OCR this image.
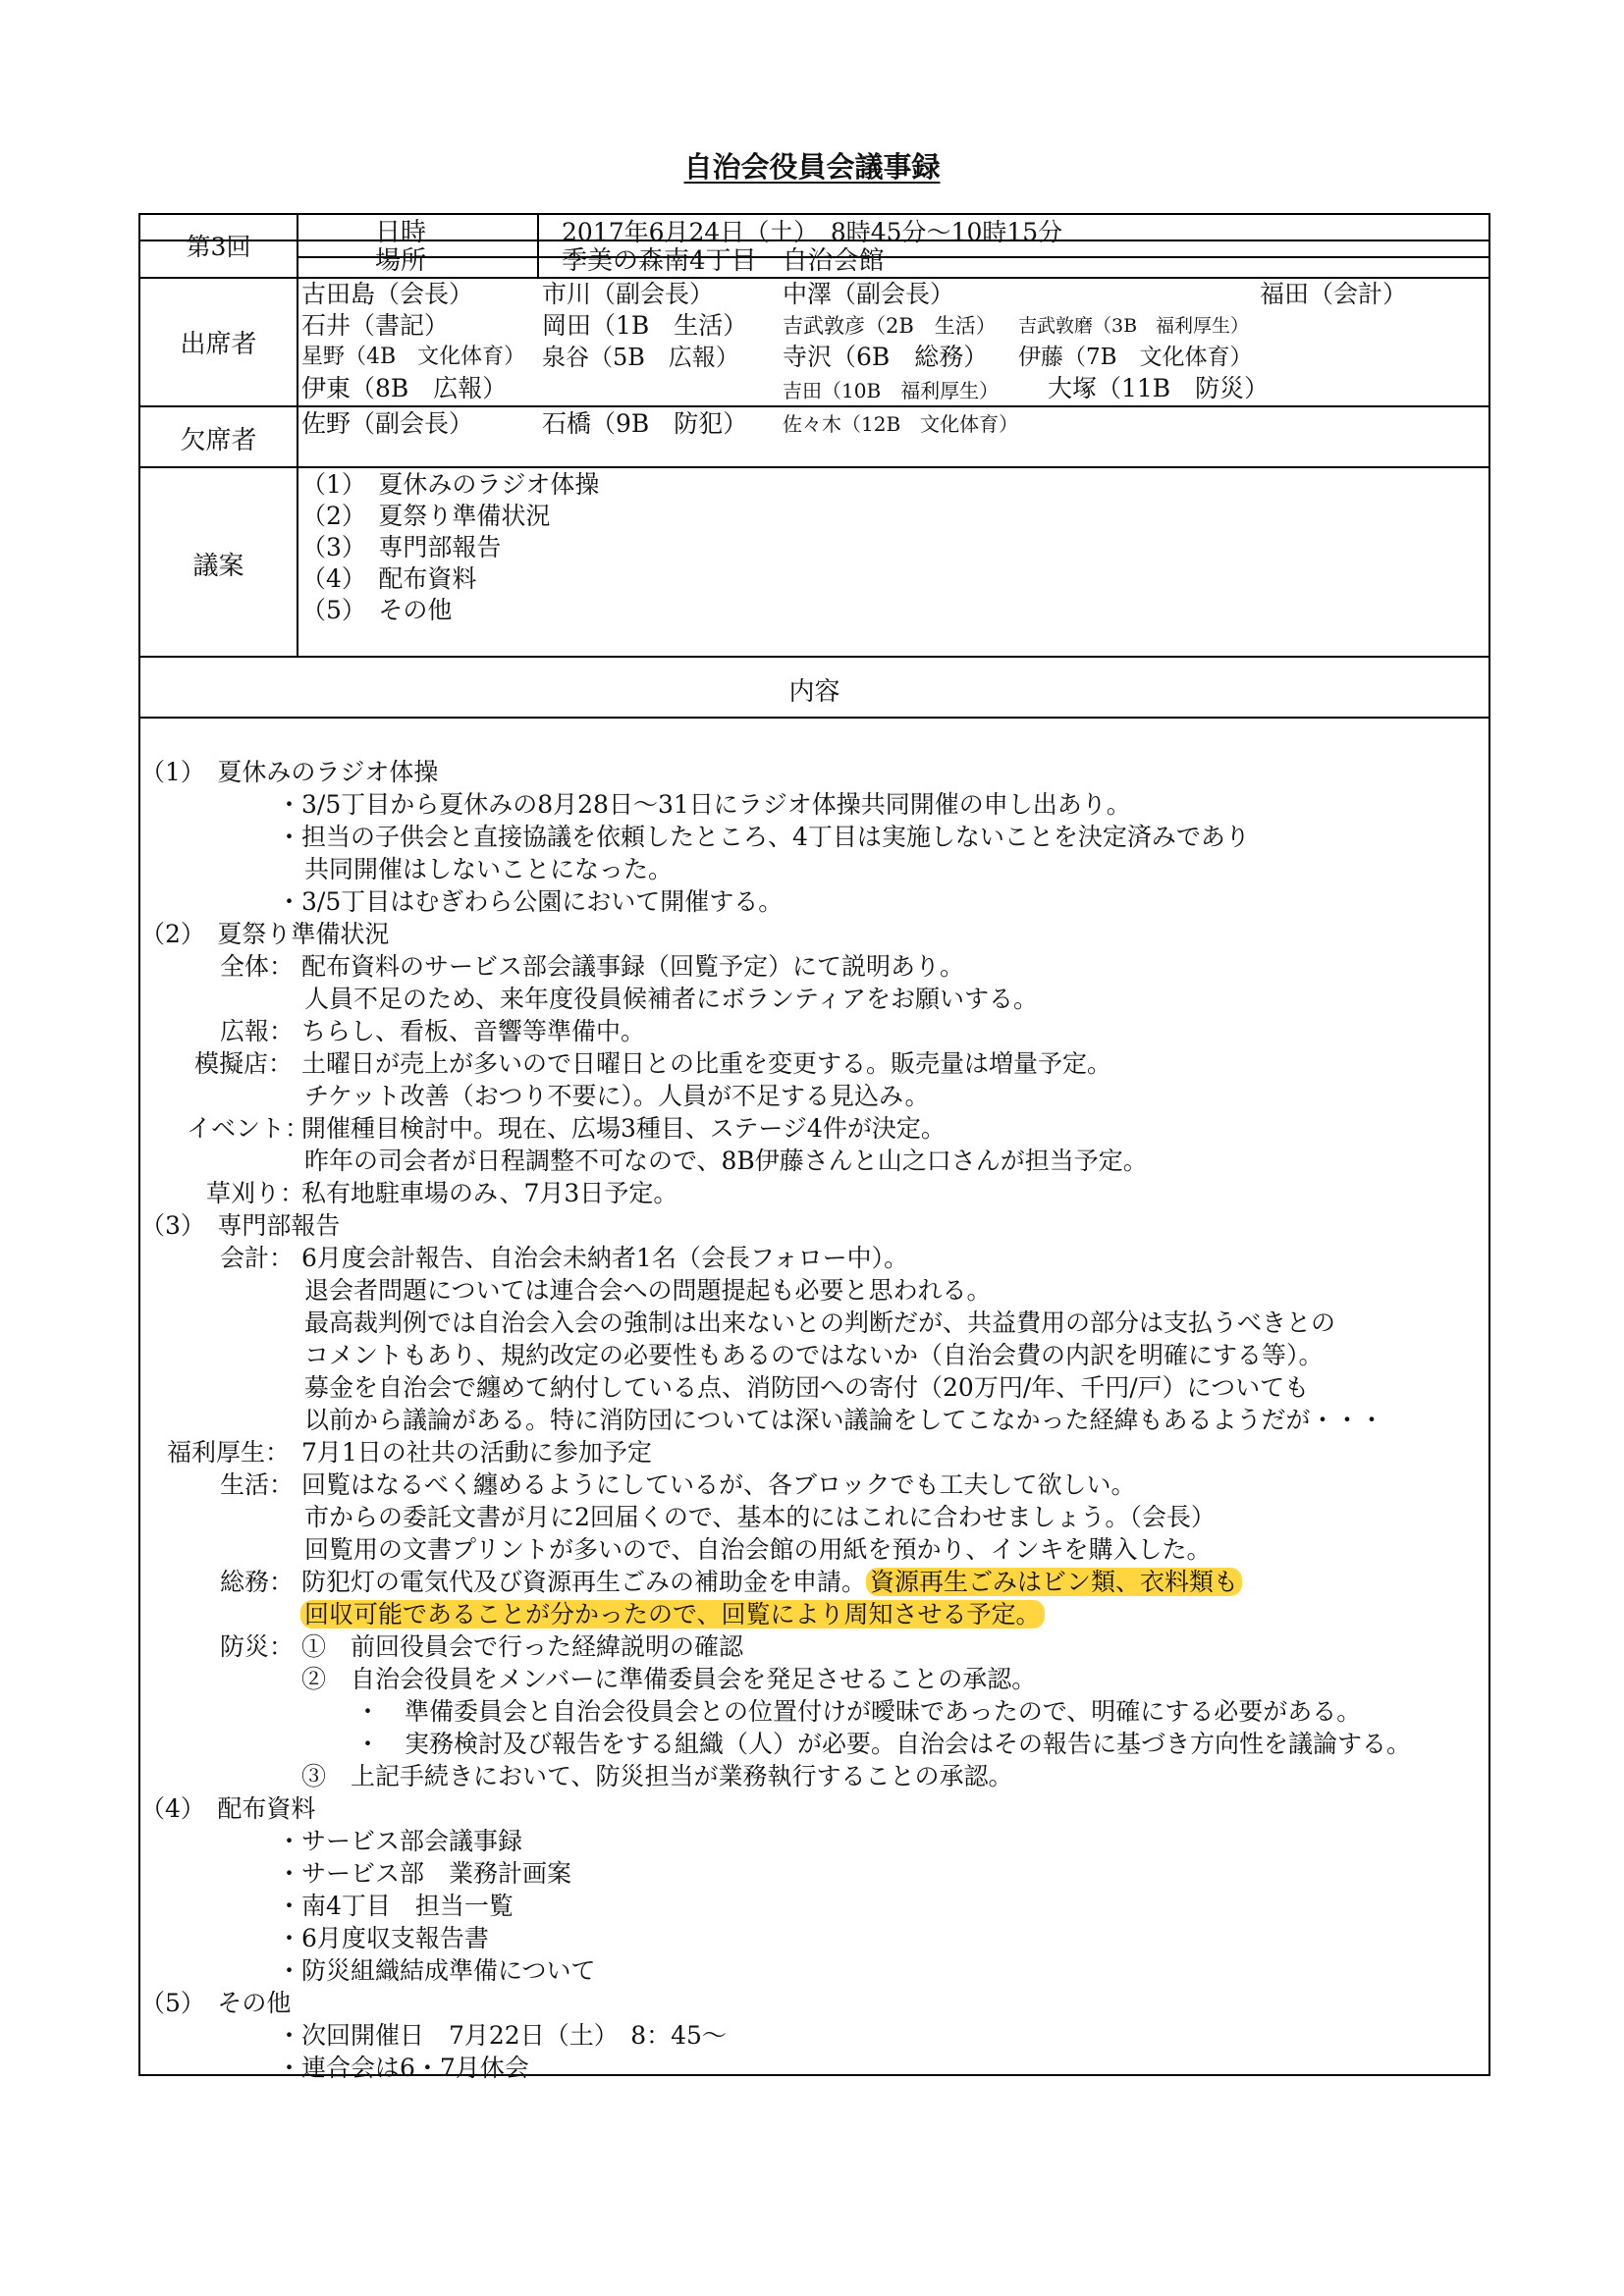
自治会役員会議事録
第3回	日時	2017年6月24日（土）　8時45分～10時15分
場所	季美の森南4丁目　自治会館
出席者
古田島（会長）	市川（副会長）	中澤（副会長）	福田（会計）
石井（書記）	岡田（1B　生活） 吉武敦彦（2B　生活） 吉武敦磨（3B　福利厚生）
星野（4B　文化体育） 泉谷（5B　広報） 寺沢（6B　総務） 伊藤（7B　文化体育）
伊東（8B　広報）	吉田（10B　福利厚生） 大塚（11B　防災）
欠席者
佐野（副会長）	石橋（9B　防犯） 佐々木（12B　文化体育）
議案
（1）　夏休みのラジオ体操
（2）　夏祭り準備状況
（3）　専門部報告
（4）　配布資料
（5）　その他
内容
（1）　夏休みのラジオ体操
・3/5丁目から夏休みの8月28日～31日にラジオ体操共同開催の申し出あり。
・担当の子供会と直接協議を依頼したところ、4丁目は実施しないことを決定済みであり
共同開催はしないことになった。
・3/5丁目はむぎわら公園において開催する。
（2）　夏祭り準備状況
全体： 配布資料のサービス部会議事録（回覧予定）にて説明あり。
人員不足のため、来年度役員候補者にボランティアをお願いする。
広報： ちらし、看板、音響等準備中。
模擬店： 土曜日が売上が多いので日曜日との比重を変更する。販売量は増量予定。
チケット改善（おつり不要に）。人員が不足する見込み。
イベント：
開催種目検討中。現在、広場3種目、ステージ4件が決定。
昨年の司会者が日程調整不可なので、8B伊藤さんと山之口さんが担当予定。
草刈り：
私有地駐車場のみ、7月3日予定。
（3）　専門部報告
会計： 6月度会計報告、自治会未納者1名（会長フォロー中）。
退会者問題については連合会への問題提起も必要と思われる。
最高裁判例では自治会入会の強制は出来ないとの判断だが、共益費用の部分は支払うべきとの
コメントもあり、規約改定の必要性もあるのではないか（自治会費の内訳を明確にする等）。
募金を自治会で纏めて納付している点、消防団への寄付（20万円/年、千円/戸）についても
以前から議論がある。特に消防団については深い議論をしてこなかった経緯もあるようだが・・・
福利厚生： 7月1日の社共の活動に参加予定
生活： 回覧はなるべく纏めるようにしているが、各ブロックでも工夫して欲しい。
市からの委託文書が月に2回届くので、基本的にはこれに合わせましょう。（会長）
回覧用の文書プリントが多いので、自治会館の用紙を預かり、インキを購入した。
総務： 防犯灯の電気代及び資源再生ごみの補助金を申請。 資源再生ごみはビン類、衣料類も
回収可能であることが分かったので、回覧により周知させる予定。
防災： ①　前回役員会で行った経緯説明の確認
②　自治会役員をメンバーに準備委員会を発足させることの承認。
・　準備委員会と自治会役員会との位置付けが曖昧であったので、明確にする必要がある。
・　実務検討及び報告をする組織（人）が必要。自治会はその報告に基づき方向性を議論する。
③　上記手続きにおいて、防災担当が業務執行することの承認。
（4）　配布資料
・サービス部会議事録
・サービス部　業務計画案
・南4丁目　担当一覧
・6月度収支報告書
・防災組織結成準備について
（5）　その他
・次回開催日　7月22日（土）　8：45～
・連合会は6・7月休会
